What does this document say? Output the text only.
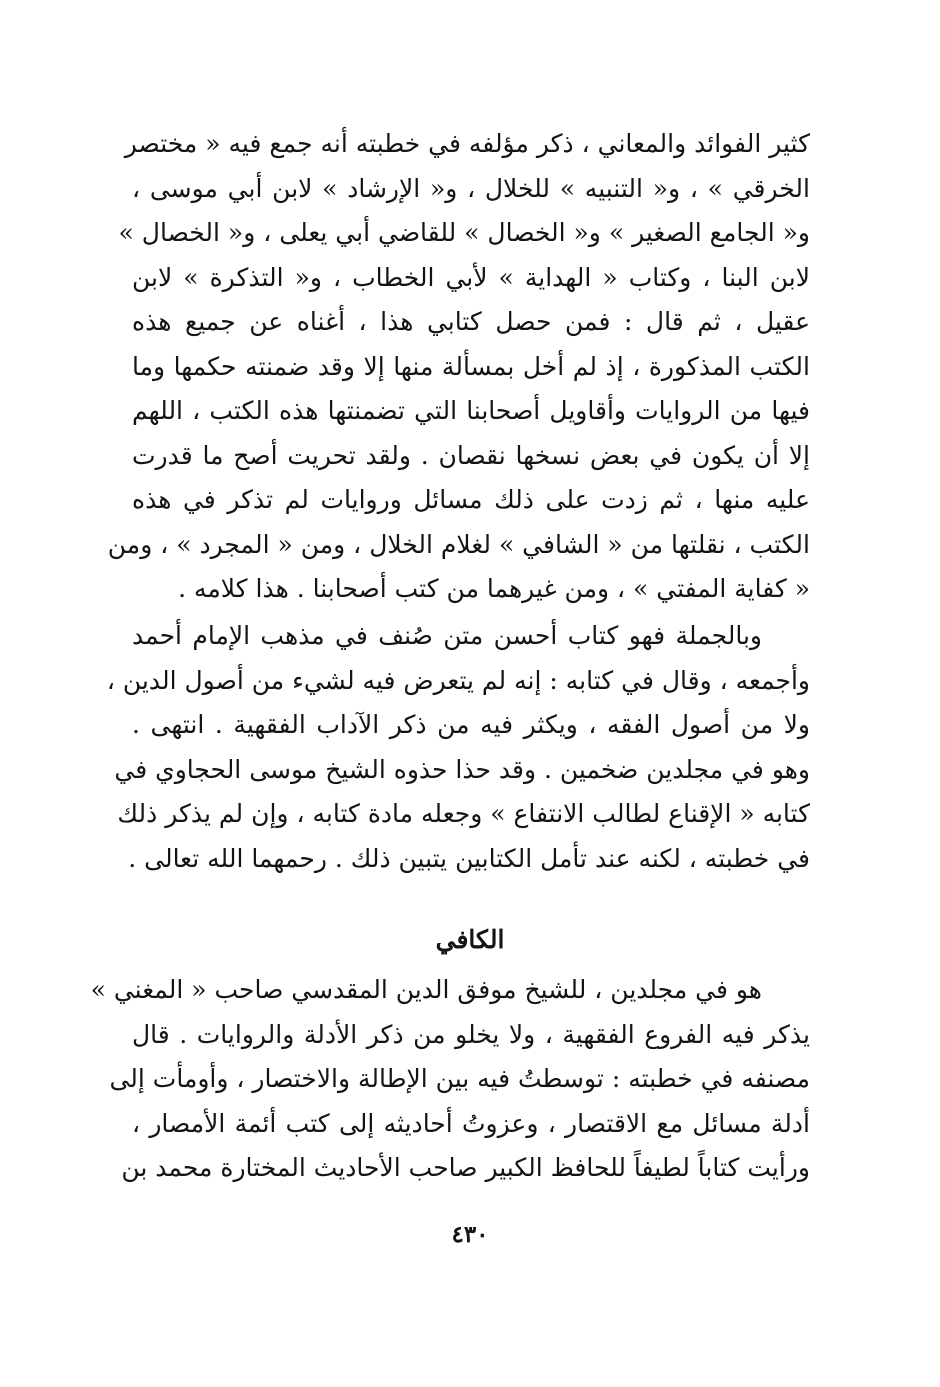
كثير الفوائد والمعاني ، ذكر مؤلفه في خطبته أنه جمع فيه « مختصر
الخرقي » ، و« التنبيه » للخلال ، و« الإرشاد » لابن أبي موسى ،
و« الجامع الصغير » و« الخصال » للقاضي أبي يعلى ، و« الخصال »
لابن البنا ، وكتاب « الهداية » لأبي الخطاب ، و« التذكرة » لابن
عقيل ، ثم قال : فمن حصل كتابي هذا ، أغناه عن جميع هذه
الكتب المذكورة ، إذ لم أخل بمسألة منها إلا وقد ضمنته حكمها وما
فيها من الروايات وأقاويل أصحابنا التي تضمنتها هذه الكتب ، اللهم
إلا أن يكون في بعض نسخها نقصان . ولقد تحريت أصح ما قدرت
عليه منها ، ثم زدت على ذلك مسائل وروايات لم تذكر في هذه
الكتب ، نقلتها من « الشافي » لغلام الخلال ، ومن « المجرد » ، ومن
« كفاية المفتي » ، ومن غيرهما من كتب أصحابنا . هذا كلامه .
وبالجملة فهو كتاب أحسن متن صُنف في مذهب الإمام أحمد
وأجمعه ، وقال في كتابه : إنه لم يتعرض فيه لشيء من أصول الدين ،
ولا من أصول الفقه ، ويكثر فيه من ذكر الآداب الفقهية . انتهى .
وهو في مجلدين ضخمين . وقد حذا حذوه الشيخ موسى الحجاوي في
كتابه « الإقناع لطالب الانتفاع » وجعله مادة كتابه ، وإن لم يذكر ذلك
في خطبته ، لكنه عند تأمل الكتابين يتبين ذلك . رحمهما الله تعالى .
الكافي
هو في مجلدين ، للشيخ موفق الدين المقدسي صاحب « المغني »
يذكر فيه الفروع الفقهية ، ولا يخلو من ذكر الأدلة والروايات . قال
مصنفه في خطبته : توسطتُ فيه بين الإطالة والاختصار ، وأومأت إلى
أدلة مسائل مع الاقتصار ، وعزوتُ أحاديثه إلى كتب أئمة الأمصار ،
ورأيت كتاباً لطيفاً للحافظ الكبير صاحب الأحاديث المختارة محمد بن
٤٣٠
